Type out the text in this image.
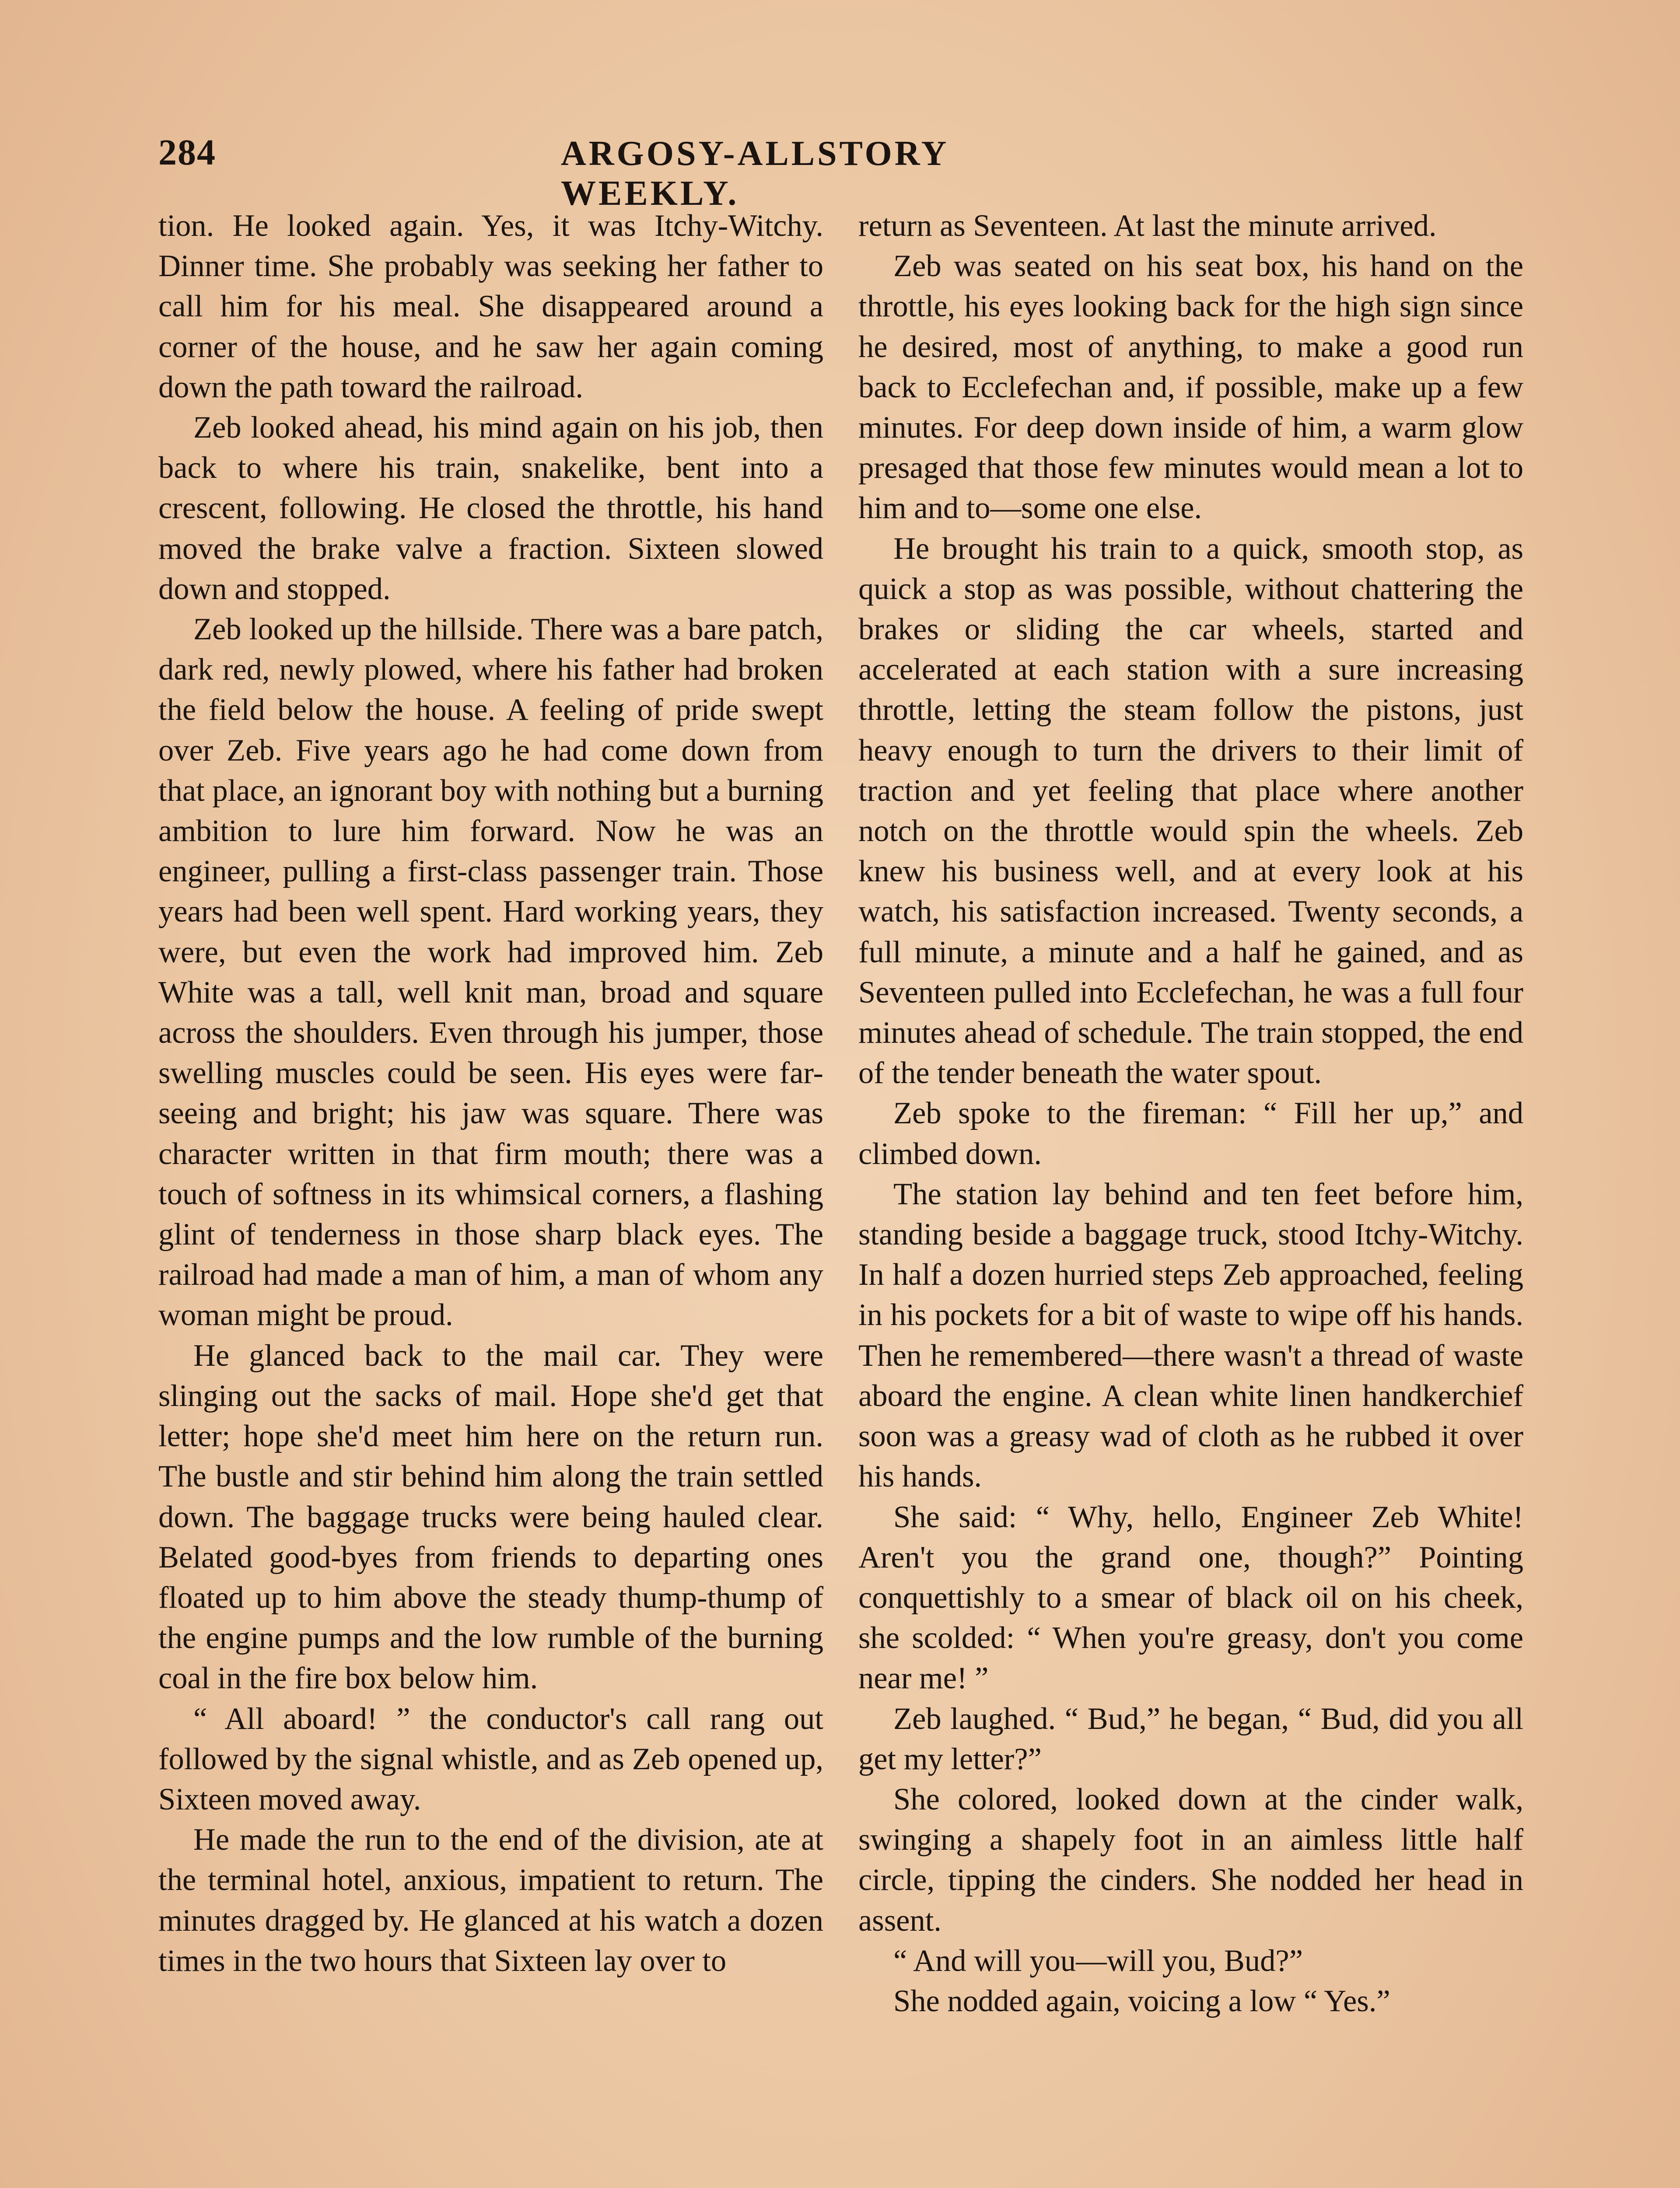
284	ARGOSY-ALLSTORY WEEKLY.

tion. He looked again. Yes, it was Itchy-Witchy. Dinner time. She probably was seeking her father to call him for his meal. She disappeared around a corner of the house, and he saw her again coming down the path toward the railroad.

Zeb looked ahead, his mind again on his job, then back to where his train, snakelike, bent into a crescent, following. He closed the throttle, his hand moved the brake valve a fraction. Sixteen slowed down and stopped.

Zeb looked up the hillside. There was a bare patch, dark red, newly plowed, where his father had broken the field below the house. A feeling of pride swept over Zeb. Five years ago he had come down from that place, an ignorant boy with nothing but a burning ambition to lure him forward. Now he was an engineer, pulling a first-class passenger train. Those years had been well spent. Hard working years, they were, but even the work had improved him. Zeb White was a tall, well knit man, broad and square across the shoulders. Even through his jumper, those swelling muscles could be seen. His eyes were far-seeing and bright; his jaw was square. There was character written in that firm mouth; there was a touch of softness in its whimsical corners, a flashing glint of tenderness in those sharp black eyes. The railroad had made a man of him, a man of whom any woman might be proud.

He glanced back to the mail car. They were slinging out the sacks of mail. Hope she'd get that letter; hope she'd meet him here on the return run. The bustle and stir behind him along the train settled down. The baggage trucks were being hauled clear. Belated good-byes from friends to departing ones floated up to him above the steady thump-thump of the engine pumps and the low rumble of the burning coal in the fire box below him.

“ All aboard! ” the conductor's call rang out followed by the signal whistle, and as Zeb opened up, Sixteen moved away.

He made the run to the end of the division, ate at the terminal hotel, anxious, impatient to return. The minutes dragged by. He glanced at his watch a dozen times in the two hours that Sixteen lay over to

return as Seventeen. At last the minute arrived.

Zeb was seated on his seat box, his hand on the throttle, his eyes looking back for the high sign since he desired, most of anything, to make a good run back to Ecclefechan and, if possible, make up a few minutes. For deep down inside of him, a warm glow presaged that those few minutes would mean a lot to him and to—some one else.

He brought his train to a quick, smooth stop, as quick a stop as was possible, without chattering the brakes or sliding the car wheels, started and accelerated at each station with a sure increasing throttle, letting the steam follow the pistons, just heavy enough to turn the drivers to their limit of traction and yet feeling that place where another notch on the throttle would spin the wheels. Zeb knew his business well, and at every look at his watch, his satisfaction increased. Twenty seconds, a full minute, a minute and a half he gained, and as Seventeen pulled into Ecclefechan, he was a full four minutes ahead of schedule. The train stopped, the end of the tender beneath the water spout.

Zeb spoke to the fireman: “ Fill her up,” and climbed down.

The station lay behind and ten feet before him, standing beside a baggage truck, stood Itchy-Witchy. In half a dozen hurried steps Zeb approached, feeling in his pockets for a bit of waste to wipe off his hands. Then he remembered—there wasn't a thread of waste aboard the engine. A clean white linen handkerchief soon was a greasy wad of cloth as he rubbed it over his hands.

She said: “ Why, hello, Engineer Zeb White! Aren't you the grand one, though?” Pointing conquettishly to a smear of black oil on his cheek, she scolded: “ When you're greasy, don't you come near me! ”

Zeb laughed. “ Bud,” he began, “ Bud, did you all get my letter?”

She colored, looked down at the cinder walk, swinging a shapely foot in an aimless little half circle, tipping the cinders. She nodded her head in assent.

“ And will you—will you, Bud?”

She nodded again, voicing a low “ Yes.”
